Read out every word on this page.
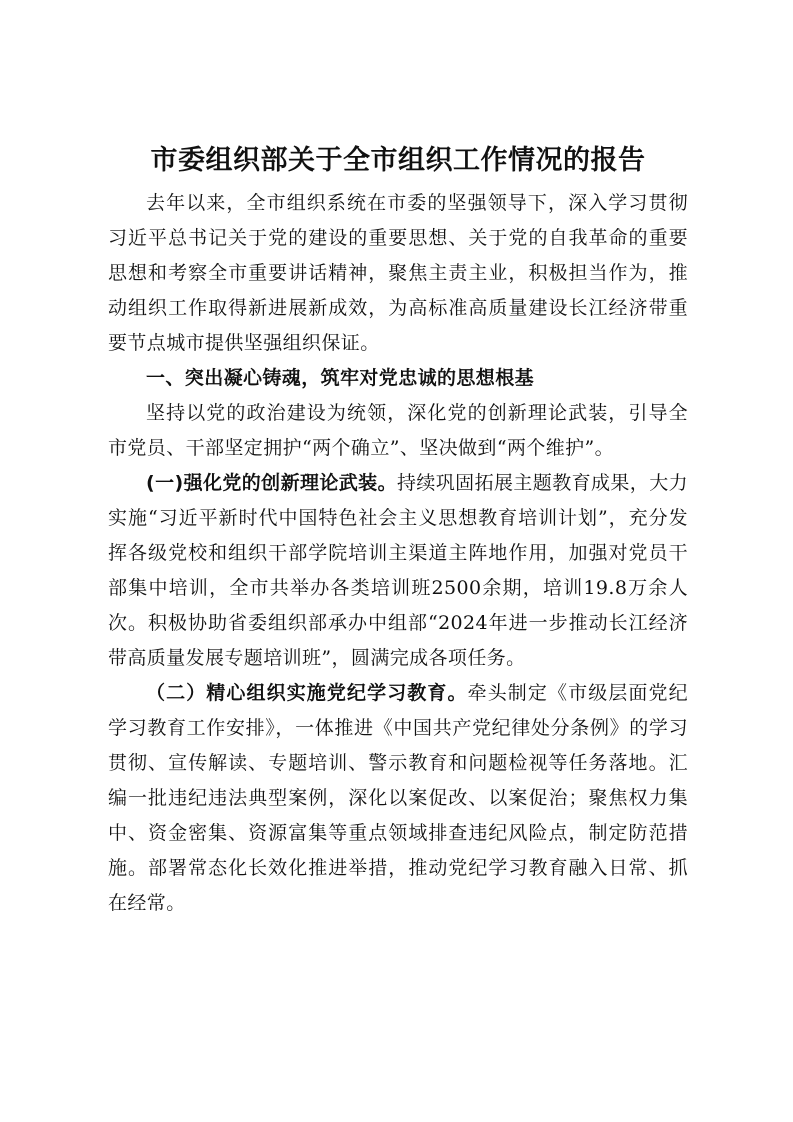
市委组织部关于全市组织工作情况的报告

去年以来，全市组织系统在市委的坚强领导下，深入学习贯彻习近平总书记关于党的建设的重要思想、关于党的自我革命的重要思想和考察全市重要讲话精神，聚焦主责主业，积极担当作为，推动组织工作取得新进展新成效，为高标准高质量建设长江经济带重要节点城市提供坚强组织保证。

一、突出凝心铸魂，筑牢对党忠诚的思想根基

坚持以党的政治建设为统领，深化党的创新理论武装，引导全市党员、干部坚定拥护“两个确立”、坚决做到“两个维护”。

(一)强化党的创新理论武装。持续巩固拓展主题教育成果，大力实施“习近平新时代中国特色社会主义思想教育培训计划”，充分发挥各级党校和组织干部学院培训主渠道主阵地作用，加强对党员干部集中培训，全市共举办各类培训班2500余期，培训19.8万余人次。积极协助省委组织部承办中组部“2024年进一步推动长江经济带高质量发展专题培训班”，圆满完成各项任务。

（二）精心组织实施党纪学习教育。牵头制定《市级层面党纪学习教育工作安排》，一体推进《中国共产党纪律处分条例》的学习贯彻、宣传解读、专题培训、警示教育和问题检视等任务落地。汇编一批违纪违法典型案例，深化以案促改、以案促治；聚焦权力集中、资金密集、资源富集等重点领域排查违纪风险点，制定防范措施。部署常态化长效化推进举措，推动党纪学习教育融入日常、抓在经常。
